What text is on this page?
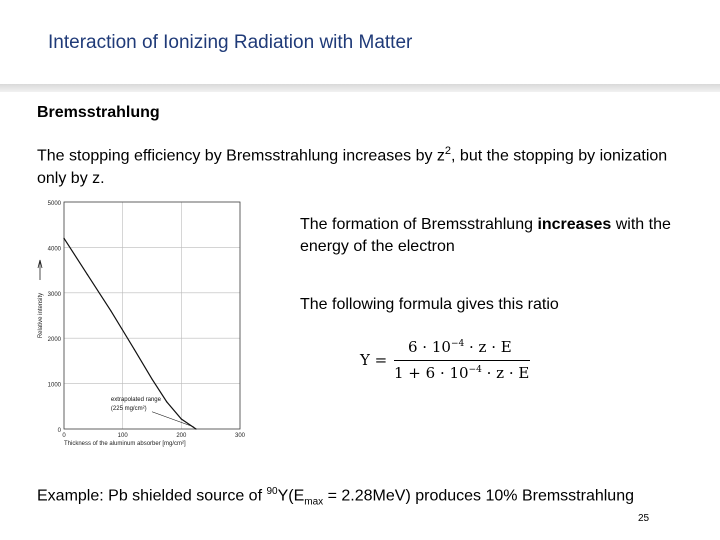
Interaction of Ionizing Radiation with Matter
Bremsstrahlung
The stopping efficiency by Bremsstrahlung increases by $z^2$, but the stopping by ionization only by z.
0
1000
2000
3000
4000
5000
0	100	200	300
Relative intensity
Thickness of the aluminum absorber [mg/cm²]
extrapolated range
(225 mg/cm²)
The formation of Bremsstrahlung increases with the energy of the electron
The following formula gives this ratio
Y =
$6 \cdot 10^{-4} \cdot z \cdot E$
$1 + 6 \cdot 10^{-4} \cdot z \cdot E$
Example: Pb shielded source of $^{90}Y(E_{max} = 2.28MeV)$ produces 10% Bremsstrahlung
25
